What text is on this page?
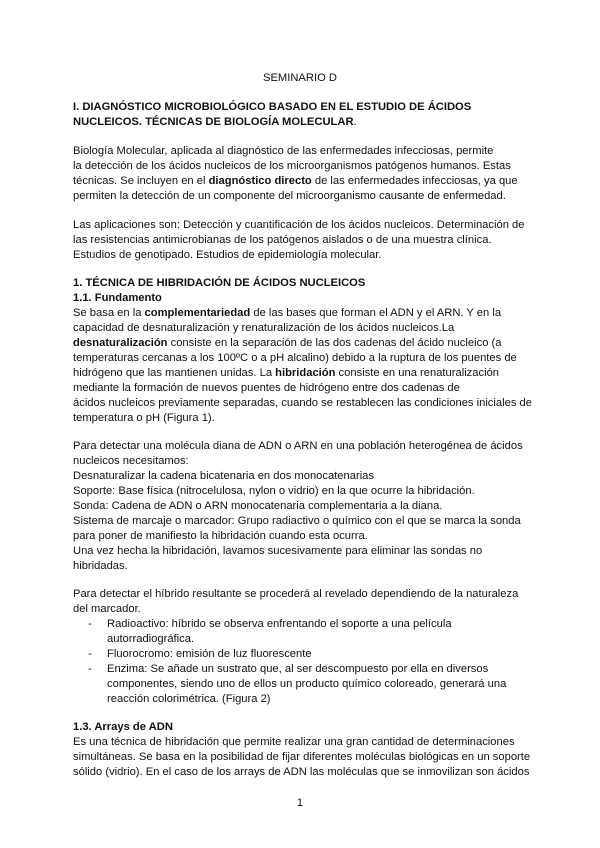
SEMINARIO D
I. DIAGNÓSTICO MICROBIOLÓGICO BASADO EN EL ESTUDIO DE ÁCIDOS
NUCLEICOS. TÉCNICAS DE BIOLOGÍA MOLECULAR.
Biología Molecular, aplicada al diagnóstico de las enfermedades infecciosas, permite
la detección de los ácidos nucleicos de los microorganismos patógenos humanos. Estas
técnicas. Se incluyen en el diagnóstico directo de las enfermedades infecciosas, ya que
permiten la detección de un componente del microorganismo causante de enfermedad.
Las aplicaciones son: Detección y cuantificación de los ácidos nucleicos. Determinación de
las resistencias antimicrobianas de los patógenos aislados o de una muestra clínica.
Estudios de genotipado. Estudios de epidemiología molecular.
1. TÉCNICA DE HIBRIDACIÓN DE ÁCIDOS NUCLEICOS
1.1. Fundamento
Se basa en la complementariedad de las bases que forman el ADN y el ARN. Y en la
capacidad de desnaturalización y renaturalización de los ácidos nucleicos.La
desnaturalización consiste en la separación de las dos cadenas del ácido nucleico (a
temperaturas cercanas a los 100ºC o a pH alcalino) debido a la ruptura de los puentes de
hidrógeno que las mantienen unidas. La hibridación consiste en una renaturalización
mediante la formación de nuevos puentes de hidrógeno entre dos cadenas de
ácidos nucleicos previamente separadas, cuando se restablecen las condiciones iniciales de
temperatura o pH (Figura 1).
Para detectar una molécula diana de ADN o ARN en una población heterogénea de ácidos
nucleicos necesitamos:
Desnaturalizar la cadena bicatenaria en dos monocatenarias
Soporte: Base física (nitrocelulosa, nylon o vidrio) en la que ocurre la hibridación.
Sonda: Cadena de ADN o ARN monocatenaria complementaria a la diana.
Sistema de marcaje o marcador: Grupo radiactivo o químico con el que se marca la sonda
para poner de manifiesto la hibridación cuando esta ocurra.
Una vez hecha la hibridación, lavamos sucesivamente para eliminar las sondas no
hibridadas.
Para detectar el híbrido resultante se procederá al revelado dependiendo de la naturaleza
del marcador.
- Radioactivo: híbrido se observa enfrentando el soporte a una película
autorradiográfica.
- Fluorocromo: emisión de luz fluorescente
- Enzima: Se añade un sustrato que, al ser descompuesto por ella en diversos
componentes, siendo uno de ellos un producto químico coloreado, generará una
reacción colorimétrica. (Figura 2)
1.3. Arrays de ADN
Es una técnica de hibridación que permite realizar una gran cantidad de determinaciones
simultáneas. Se basa en la posibilidad de fijar diferentes moléculas biológicas en un soporte
sólido (vidrio). En el caso de los arrays de ADN las moléculas que se inmovilizan son ácidos
1
